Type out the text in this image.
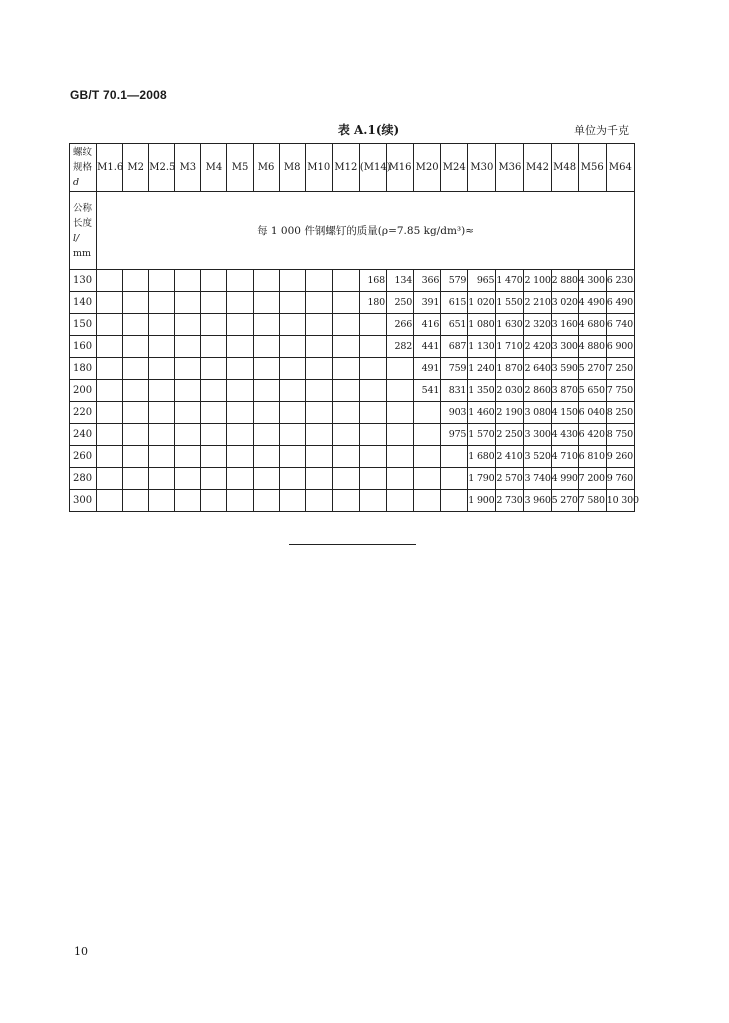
GB/T 70.1—2008
表 A.1(续)	单位为千克
螺纹
规格
d	M1.6	M2	M2.5	M3	M4	M5	M6	M8	M10	M12	(M14)	M16	M20	M24	M30	M36	M42	M48	M56	M64

公称
长度
l/
mm	每 1 000 件钢螺钉的质量(ρ=7.85 kg/dm³)≈																			
130											168	134	366	579	965	1 470	2 100	2 880	4 300	6 230
140											180	250	391	615	1 020	1 550	2 210	3 020	4 490	6 490
150												266	416	651	1 080	1 630	2 320	3 160	4 680	6 740
160												282	441	687	1 130	1 710	2 420	3 300	4 880	6 900
180													491	759	1 240	1 870	2 640	3 590	5 270	7 250
200													541	831	1 350	2 030	2 860	3 870	5 650	7 750
220														903	1 460	2 190	3 080	4 150	6 040	8 250
240														975	1 570	2 250	3 300	4 430	6 420	8 750
260															1 680	2 410	3 520	4 710	6 810	9 260
280															1 790	2 570	3 740	4 990	7 200	9 760
300															1 900	2 730	3 960	5 270	7 580	10 300
10
